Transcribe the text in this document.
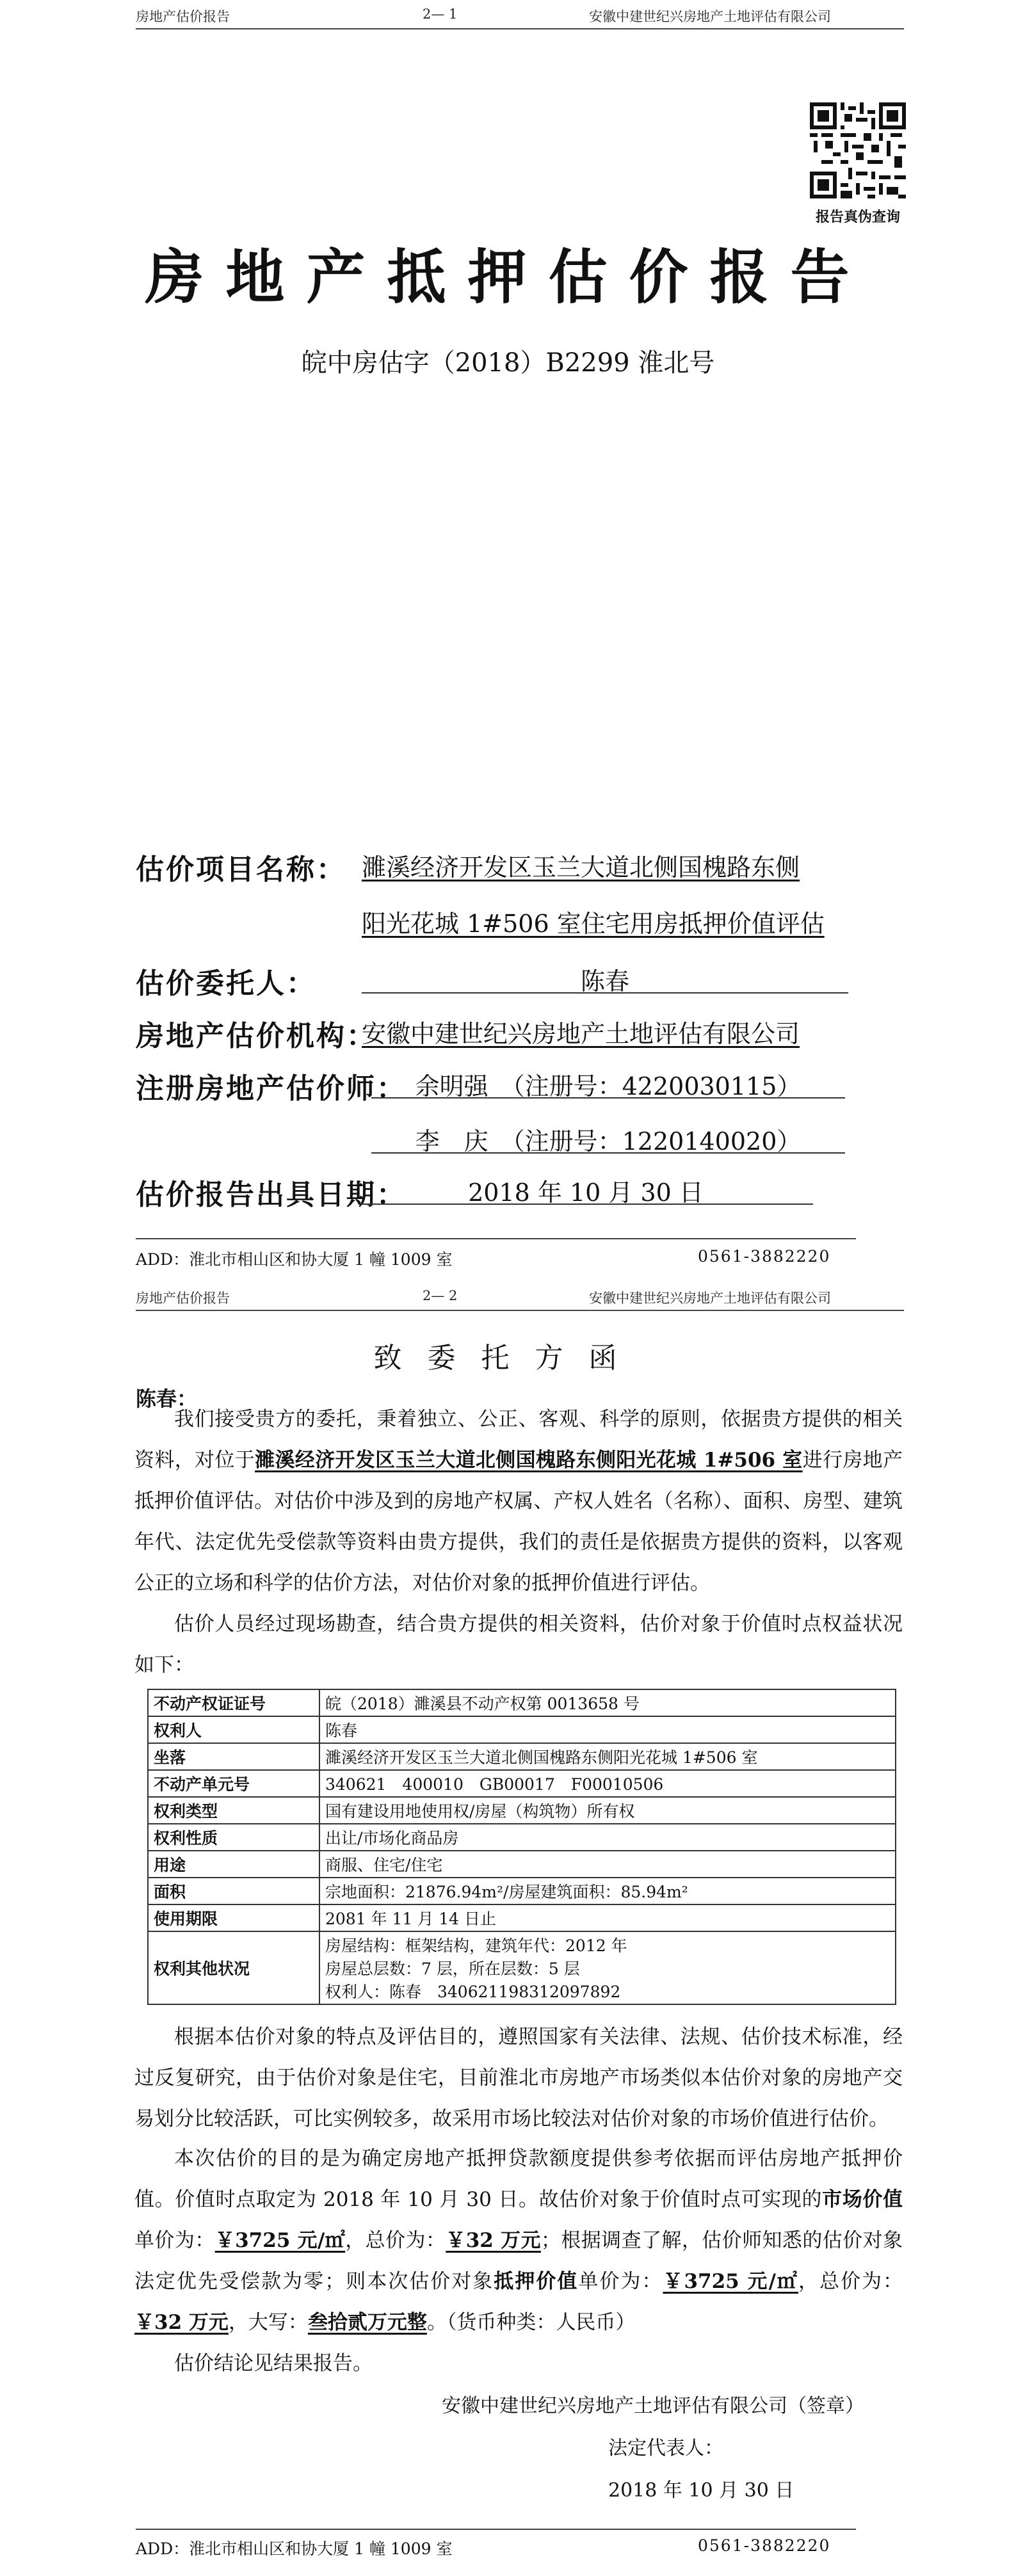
房地产估价报告	2— 1	安徽中建世纪兴房地产土地评估有限公司
报告真伪查询
房地产抵押估价报告
皖中房估字（2018）B2299 淮北号
估价项目名称： 濉溪经济开发区玉兰大道北侧国槐路东侧
阳光花城 1#506 室住宅用房抵押价值评估
估价委托人：	陈春
房地产估价机构：
安徽中建世纪兴房地产土地评估有限公司
注册房地产估价师： 余明强　（注册号：4220030115）
李　庆　（注册号：1220140020）
估价报告出具日期：	2018 年 10 月 30 日
ADD：淮北市相山区和协大厦 1 幢 1009 室	0561-3882220
房地产估价报告	2— 2	安徽中建世纪兴房地产土地评估有限公司
致委托方函
陈春：

我们接受贵方的委托，秉着独立、公正、客观、科学的原则，依据贵方提供的相关资料，对位于濉溪经济开发区玉兰大道北侧国槐路东侧阳光花城 1#506 室进行房地产抵押价值评估。对估价中涉及到的房地产权属、产权人姓名（名称）、面积、房型、建筑年代、法定优先受偿款等资料由贵方提供，我们的责任是依据贵方提供的资料，以客观公正的立场和科学的估价方法，对估价对象的抵押价值进行评估。

估价人员经过现场勘查，结合贵方提供的相关资料，估价对象于价值时点权益状况如下：

不动产权证证号	皖（2018）濉溪县不动产权第 0013658 号
权利人	陈春
坐落	濉溪经济开发区玉兰大道北侧国槐路东侧阳光花城 1#506 室
不动产单元号	340621　400010　GB00017　F00010506
权利类型	国有建设用地使用权/房屋（构筑物）所有权
权利性质	出让/市场化商品房
用途	商服、住宅/住宅
面积	宗地面积：21876.94m²/房屋建筑面积：85.94m²
使用期限	2081 年 11 月 14 日止
权利其他状况	房屋结构：框架结构，建筑年代：2012 年
房屋总层数：7 层，所在层数：5 层
权利人：陈春　340621198312097892

根据本估价对象的特点及评估目的，遵照国家有关法律、法规、估价技术标准，经过反复研究，由于估价对象是住宅，目前淮北市房地产市场类似本估价对象的房地产交易划分比较活跃，可比实例较多，故采用市场比较法对估价对象的市场价值进行估价。

本次估价的目的是为确定房地产抵押贷款额度提供参考依据而评估房地产抵押价值。价值时点取定为 2018 年 10 月 30 日。故估价对象于价值时点可实现的市场价值单价为：￥3725 元/㎡，总价为：￥32 万元；根据调查了解，估价师知悉的估价对象法定优先受偿款为零；则本次估价对象抵押价值单价为：￥3725 元/㎡，总价为：￥32 万元，大写：叁拾贰万元整。（货币种类：人民币）

估价结论见结果报告。

安徽中建世纪兴房地产土地评估有限公司（签章）
法定代表人：
2018 年 10 月 30 日
ADD：淮北市相山区和协大厦 1 幢 1009 室	0561-3882220
